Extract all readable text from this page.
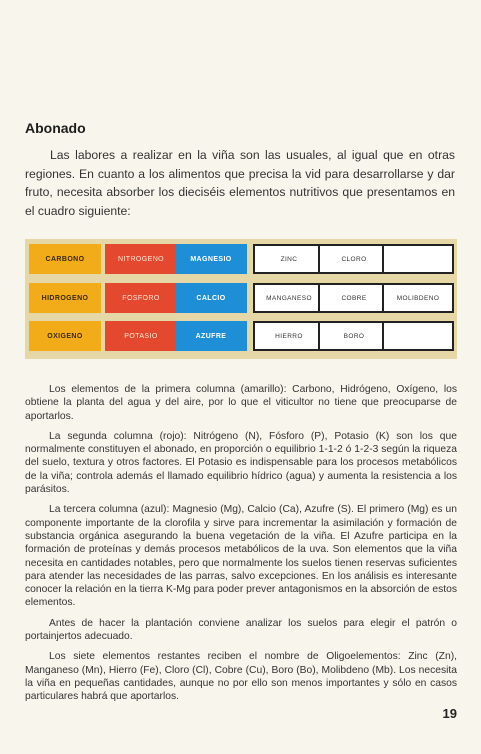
Abonado

Las labores a realizar en la viña son las usuales, al igual que en otras regiones. En cuanto a los alimentos que precisa la vid para desarrollarse y dar fruto, necesita absorber los dieciséis elementos nutritivos que presentamos en el cuadro siguiente:

CARBONO	NITROGENO	MAGNESIO	ZINC	CLORO
HIDROGENO	FOSFORO	CALCIO	MANGANESO	COBRE	MOLIBDENO
OXIGENO	POTASIO	AZUFRE	HIERRO	BORO

Los elementos de la primera columna (amarillo): Carbono, Hidrógeno, Oxígeno, los obtiene la planta del agua y del aire, por lo que el viticultor no tiene que preocuparse de aportarlos.

La segunda columna (rojo): Nitrógeno (N), Fósforo (P), Potasio (K) son los que normalmente constituyen el abonado, en proporción o equilibrio 1-1-2 ó 1-2-3 según la riqueza del suelo, textura y otros factores. El Potasio es indispensable para los procesos metabólicos de la viña; controla además el llamado equilibrio hídrico (agua) y aumenta la resistencia a los parásitos.

La tercera columna (azul): Magnesio (Mg), Calcio (Ca), Azufre (S). El primero (Mg) es un componente importante de la clorofila y sirve para incrementar la asimilación y formación de substancia orgánica asegurando la buena vegetación de la viña. El Azufre participa en la formación de proteínas y demás procesos metabólicos de la uva. Son elementos que la viña necesita en cantidades notables, pero que normalmente los suelos tienen reservas suficientes para atender las necesidades de las parras, salvo excepciones. En los análisis es interesante conocer la relación en la tierra K-Mg para poder prever antagonismos en la absorción de estos elementos.

Antes de hacer la plantación conviene analizar los suelos para elegir el patrón o portainjertos adecuado.

Los siete elementos restantes reciben el nombre de Oligoelementos: Zinc (Zn), Manganeso (Mn), Hierro (Fe), Cloro (Cl), Cobre (Cu), Boro (Bo), Molibdeno (Mb). Los necesita la viña en pequeñas cantidades, aunque no por ello son menos importantes y sólo en casos particulares habrá que aportarlos.

19
